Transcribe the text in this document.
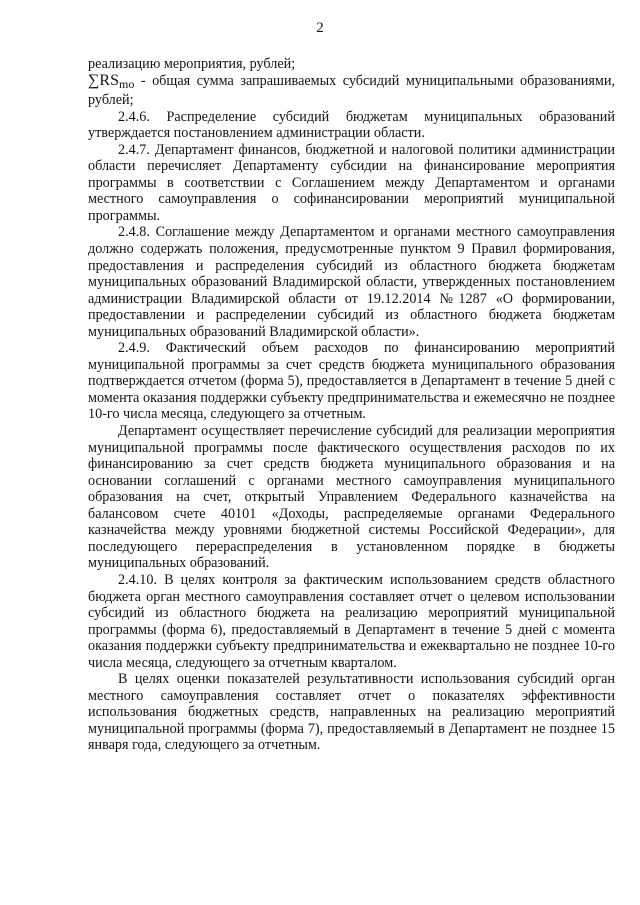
2

реализацию мероприятия, рублей;

$\sum RS_{mo}$ - общая сумма запрашиваемых субсидий муниципальными образованиями, рублей;

2.4.6. Распределение субсидий бюджетам муниципальных образований утверждается постановлением администрации области.

2.4.7. Департамент финансов, бюджетной и налоговой политики администрации области перечисляет Департаменту субсидии на финансирование мероприятия программы в соответствии с Соглашением между Департаментом и органами местного самоуправления о софинансировании мероприятий муниципальной программы.

2.4.8. Соглашение между Департаментом и органами местного самоуправления должно содержать положения, предусмотренные пунктом 9 Правил формирования, предоставления и распределения субсидий из областного бюджета бюджетам муниципальных образований Владимирской области, утвержденных постановлением администрации Владимирской области от 19.12.2014 №1287 «О формировании, предоставлении и распределении субсидий из областного бюджета бюджетам муниципальных образований Владимирской области».

2.4.9. Фактический объем расходов по финансированию мероприятий муниципальной программы за счет средств бюджета муниципального образования подтверждается отчетом (форма 5), предоставляется в Департамент в течение 5 дней с момента оказания поддержки субъекту предпринимательства и ежемесячно не позднее 10-го числа месяца, следующего за отчетным.

Департамент осуществляет перечисление субсидий для реализации мероприятия муниципальной программы после фактического осуществления расходов по их финансированию за счет средств бюджета муниципального образования и на основании соглашений с органами местного самоуправления муниципального образования на счет, открытый Управлением Федерального казначейства на балансовом счете 40101 «Доходы, распределяемые органами Федерального казначейства между уровнями бюджетной системы Российской Федерации», для последующего перераспределения в установленном порядке в бюджеты муниципальных образований.

2.4.10. В целях контроля за фактическим использованием средств областного бюджета орган местного самоуправления составляет отчет о целевом использовании субсидий из областного бюджета на реализацию мероприятий муниципальной программы (форма 6), предоставляемый в Департамент в течение 5 дней с момента оказания поддержки субъекту предпринимательства и ежеквартально не позднее 10-го числа месяца, следующего за отчетным кварталом.

В целях оценки показателей результативности использования субсидий орган местного самоуправления составляет отчет о показателях эффективности использования бюджетных средств, направленных на реализацию мероприятий муниципальной программы (форма 7), предоставляемый в Департамент не позднее 15 января года, следующего за отчетным.
